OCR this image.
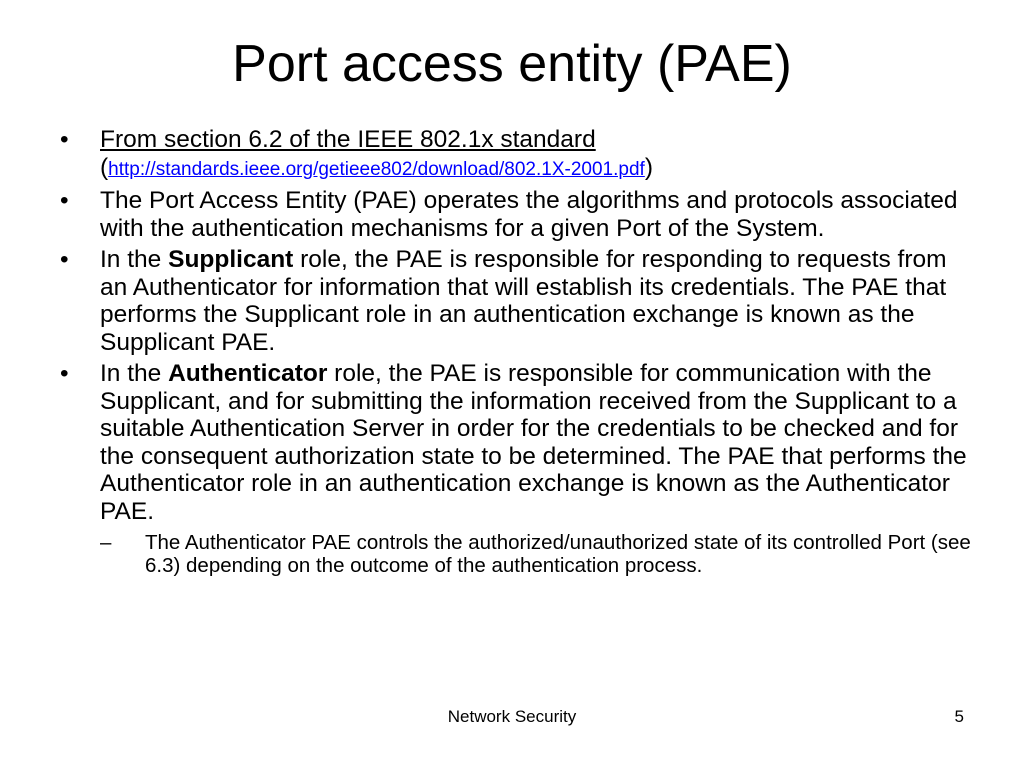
Port access entity (PAE)
•	From section 6.2 of the IEEE 802.1x standard
(http://standards.ieee.org/getieee802/download/802.1X-2001.pdf)
•	The Port Access Entity (PAE) operates the algorithms and protocols associated with the authentication mechanisms for a given Port of the System.
•	In the Supplicant role, the PAE is responsible for responding to requests from an Authenticator for information that will establish its credentials. The PAE that performs the Supplicant role in an authentication exchange is known as the Supplicant PAE.
•	In the Authenticator role, the PAE is responsible for communication with the Supplicant, and for submitting the information received from the Supplicant to a suitable Authentication Server in order for the credentials to be checked and for the consequent authorization state to be determined. The PAE that performs the Authenticator role in an authentication exchange is known as the Authenticator PAE.
– The Authenticator PAE controls the authorized/unauthorized state of its controlled Port (see 6.3) depending on the outcome of the authentication process.
Network Security	5
